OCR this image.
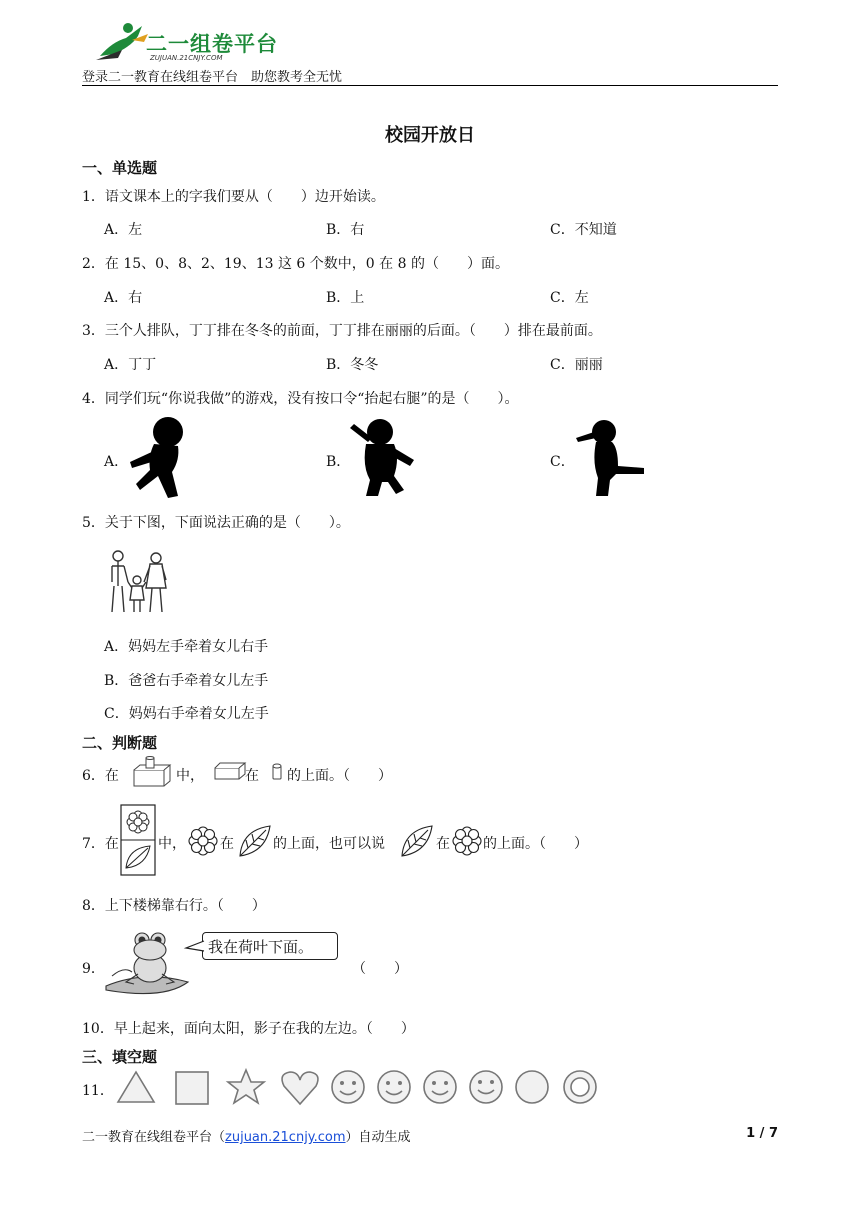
二一组卷平台
ZUJUAN.21CNJY.COM
登录二一教育在线组卷平台　助您教考全无忧
校园开放日
一、单选题
1．语文课本上的字我们要从（　　）边开始读。
A．左	B．右	C．不知道
2．在 15、0、8、2、19、13 这 6 个数中，0 在 8 的（　　）面。
A．右	B．上	C．左
3．三个人排队，丁丁排在冬冬的前面，丁丁排在丽丽的后面。（　　）排在最前面。
A．丁丁	B．冬冬	C．丽丽
4．同学们玩“你说我做”的游戏，没有按口令“抬起右腿”的是（　　）。
A．	B．	C．
5．关于下图，下面说法正确的是（　　）。
A．妈妈左手牵着女儿右手
B．爸爸右手牵着女儿左手
C．妈妈右手牵着女儿左手
二、判断题
6．在	中，	在 的上面。（　　）
7．在	中， 在	的上面，也可以说	在 的上面。（　　）
8．上下楼梯靠右行。（　　）
9．
我在荷叶下面。
（　　）
10．早上起来，面向太阳，影子在我的左边。（　　）
三、填空题
11．
二一教育在线组卷平台（zujuan.21cnjy.com）自动生成	1 / 7
